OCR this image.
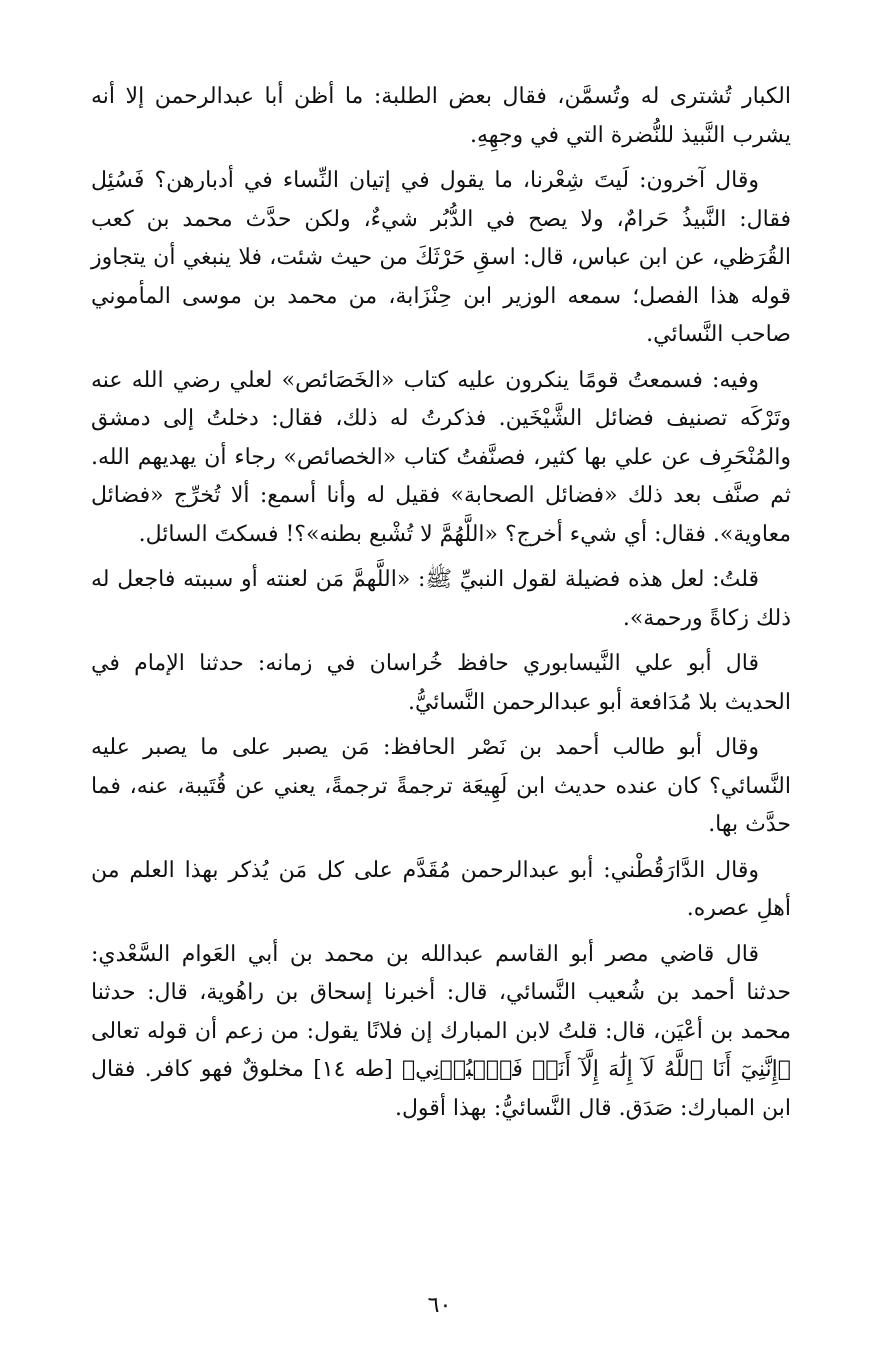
الكبار تُشترى له وتُسمَّن، فقال بعض الطلبة: ما أظن أبا عبدالرحمن إلا أنه يشرب النَّبيذ للنُّضرة التي في وجهِهِ.

وقال آخرون: لَيتَ شِعْرنا، ما يقول في إتيان النِّساء في أدبارهن؟ فَسُئِل فقال: النَّبيذُ حَرامٌ، ولا يصح في الدُّبُر شيءٌ، ولكن حدَّث محمد بن كعب القُرَظي، عن ابن عباس، قال: اسقِ حَرْثَكَ من حيث شئت، فلا ينبغي أن يتجاوز قوله هذا الفصل؛ سمعه الوزير ابن حِنْزَابة، من محمد بن موسى المأموني صاحب النَّسائي.

وفيه: فسمعتُ قومًا ينكرون عليه كتاب «الخَصَائص» لعلي رضي الله عنه وتَرْكَه تصنيف فضائل الشَّيْخَين. فذكرتُ له ذلك، فقال: دخلتُ إلى دمشق والمُنْحَرِف عن علي بها كثير، فصنَّفتُ كتاب «الخصائص» رجاء أن يهديهم الله. ثم صنَّف بعد ذلك «فضائل الصحابة» فقيل له وأنا أسمع: ألا تُخرِّج «فضائل معاوية». فقال: أي شيء أخرج؟ «اللَّهُمَّ لا تُشْبع بطنه»؟! فسكتَ السائل.

قلتُ: لعل هذه فضيلة لقول النبيِّ ﷺ: «اللَّهمَّ مَن لعنته أو سببته فاجعل له ذلك زكاةً ورحمة».

قال أبو علي النَّيسابوري حافظ خُراسان في زمانه: حدثنا الإمام في الحديث بلا مُدَافعة أبو عبدالرحمن النَّسائيُّ.

وقال أبو طالب أحمد بن نَصْر الحافظ: مَن يصبر على ما يصبر عليه النَّسائي؟ كان عنده حديث ابن لَهِيعَة ترجمةً ترجمةً، يعني عن قُتَيبة، عنه، فما حدَّث بها.

وقال الدَّارَقُطْني: أبو عبدالرحمن مُقَدَّم على كل مَن يُذكر بهذا العلم من أهلِ عصره.

قال قاضي مصر أبو القاسم عبدالله بن محمد بن أبي العَوام السَّعْدي: حدثنا أحمد بن شُعيب النَّسائي، قال: أخبرنا إسحاق بن راهُوية، قال: حدثنا محمد بن أعْيَن، قال: قلتُ لابن المبارك إن فلانًا يقول: من زعم أن قوله تعالى ﴿إِنَّنِيٓ أَنَا ٱللَّهُ لَآ إِلَٰهَ إِلَّآ أَنَا۠ فَٱعۡبُدۡنِي﴾ [طه ١٤] مخلوقٌ فهو كافر. فقال ابن المبارك: صَدَق. قال النَّسائيُّ: بهذا أقول.

٦٠
